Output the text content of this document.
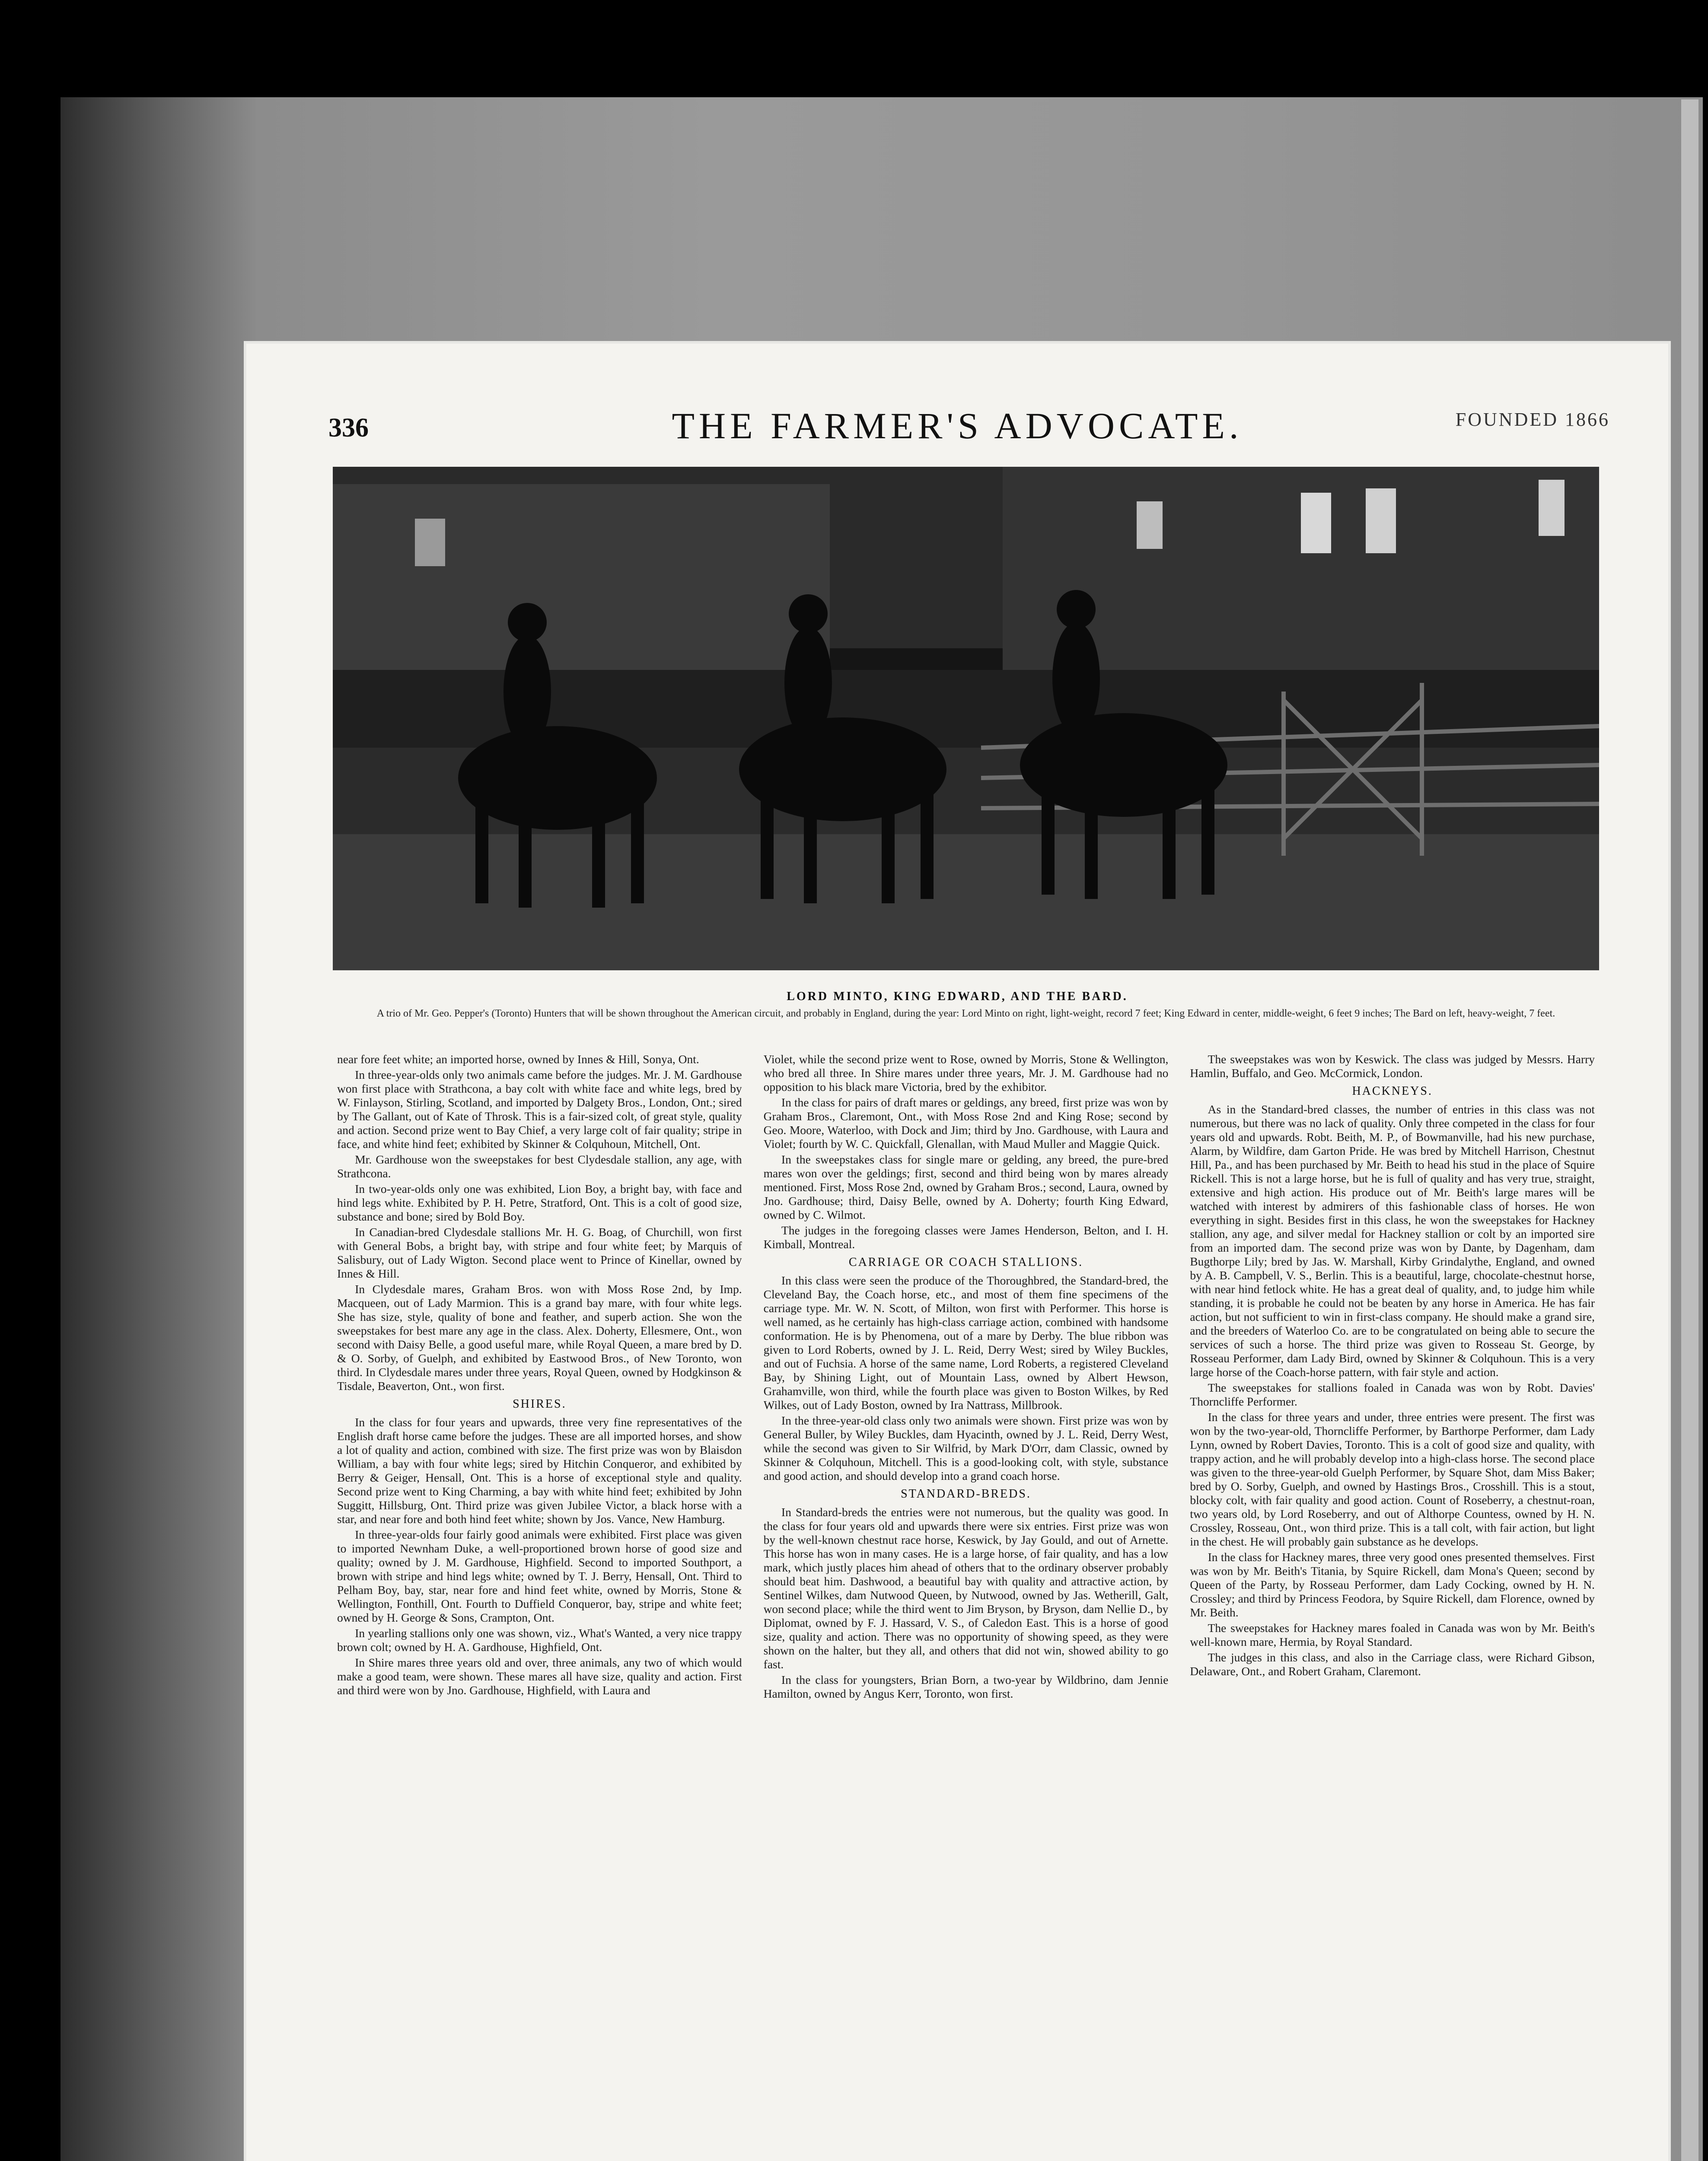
336	THE FARMER'S ADVOCATE.	FOUNDED 1866
LORD MINTO, KING EDWARD, AND THE BARD.
A trio of Mr. Geo. Pepper's (Toronto) Hunters that will be shown throughout the American circuit, and probably in England, during the year: Lord Minto on right, light-weight, record 7 feet; King Edward in center, middle-weight, 6 feet 9 inches; The Bard on left, heavy-weight, 7 feet.

near fore feet white; an imported horse, owned by Innes & Hill, Sonya, Ont.

In three-year-olds only two animals came before the judges. Mr. J. M. Gardhouse won first place with Strathcona, a bay colt with white face and white legs, bred by W. Finlayson, Stirling, Scotland, and imported by Dalgety Bros., London, Ont.; sired by The Gallant, out of Kate of Throsk. This is a fair-sized colt, of great style, quality and action. Second prize went to Bay Chief, a very large colt of fair quality; stripe in face, and white hind feet; exhibited by Skinner & Colquhoun, Mitchell, Ont.

Mr. Gardhouse won the sweepstakes for best Clydesdale stallion, any age, with Strathcona.

In two-year-olds only one was exhibited, Lion Boy, a bright bay, with face and hind legs white. Exhibited by P. H. Petre, Stratford, Ont. This is a colt of good size, substance and bone; sired by Bold Boy.

In Canadian-bred Clydesdale stallions Mr. H. G. Boag, of Churchill, won first with General Bobs, a bright bay, with stripe and four white feet; by Marquis of Salisbury, out of Lady Wigton. Second place went to Prince of Kinellar, owned by Innes & Hill.

In Clydesdale mares, Graham Bros. won with Moss Rose 2nd, by Imp. Macqueen, out of Lady Marmion. This is a grand bay mare, with four white legs. She has size, style, quality of bone and feather, and superb action. She won the sweepstakes for best mare any age in the class. Alex. Doherty, Ellesmere, Ont., won second with Daisy Belle, a good useful mare, while Royal Queen, a mare bred by D. & O. Sorby, of Guelph, and exhibited by Eastwood Bros., of New Toronto, won third. In Clydesdale mares under three years, Royal Queen, owned by Hodgkinson & Tisdale, Beaverton, Ont., won first.

SHIRES.

In the class for four years and upwards, three very fine representatives of the English draft horse came before the judges. These are all imported horses, and show a lot of quality and action, combined with size. The first prize was won by Blaisdon William, a bay with four white legs; sired by Hitchin Conqueror, and exhibited by Berry & Geiger, Hensall, Ont. This is a horse of exceptional style and quality. Second prize went to King Charming, a bay with white hind feet; exhibited by John Suggitt, Hillsburg, Ont. Third prize was given Jubilee Victor, a black horse with a star, and near fore and both hind feet white; shown by Jos. Vance, New Hamburg.

In three-year-olds four fairly good animals were exhibited. First place was given to imported Newnham Duke, a well-proportioned brown horse of good size and quality; owned by J. M. Gardhouse, Highfield. Second to imported Southport, a brown with stripe and hind legs white; owned by T. J. Berry, Hensall, Ont. Third to Pelham Boy, bay, star, near fore and hind feet white, owned by Morris, Stone & Wellington, Fonthill, Ont. Fourth to Duffield Conqueror, bay, stripe and white feet; owned by H. George & Sons, Crampton, Ont.

In yearling stallions only one was shown, viz., What's Wanted, a very nice trappy brown colt; owned by H. A. Gardhouse, Highfield, Ont.

In Shire mares three years old and over, three animals, any two of which would make a good team, were shown. These mares all have size, quality and action. First and third were won by Jno. Gardhouse, Highfield, with Laura and

Violet, while the second prize went to Rose, owned by Morris, Stone & Wellington, who bred all three. In Shire mares under three years, Mr. J. M. Gardhouse had no opposition to his black mare Victoria, bred by the exhibitor.

In the class for pairs of draft mares or geldings, any breed, first prize was won by Graham Bros., Claremont, Ont., with Moss Rose 2nd and King Rose; second by Geo. Moore, Waterloo, with Dock and Jim; third by Jno. Gardhouse, with Laura and Violet; fourth by W. C. Quickfall, Glenallan, with Maud Muller and Maggie Quick.

In the sweepstakes class for single mare or gelding, any breed, the pure-bred mares won over the geldings; first, second and third being won by mares already mentioned. First, Moss Rose 2nd, owned by Graham Bros.; second, Laura, owned by Jno. Gardhouse; third, Daisy Belle, owned by A. Doherty; fourth King Edward, owned by C. Wilmot.

The judges in the foregoing classes were James Henderson, Belton, and I. H. Kimball, Montreal.

CARRIAGE OR COACH STALLIONS.

In this class were seen the produce of the Thoroughbred, the Standard-bred, the Cleveland Bay, the Coach horse, etc., and most of them fine specimens of the carriage type. Mr. W. N. Scott, of Milton, won first with Performer. This horse is well named, as he certainly has high-class carriage action, combined with handsome conformation. He is by Phenomena, out of a mare by Derby. The blue ribbon was given to Lord Roberts, owned by J. L. Reid, Derry West; sired by Wiley Buckles, and out of Fuchsia. A horse of the same name, Lord Roberts, a registered Cleveland Bay, by Shining Light, out of Mountain Lass, owned by Albert Hewson, Grahamville, won third, while the fourth place was given to Boston Wilkes, by Red Wilkes, out of Lady Boston, owned by Ira Nattrass, Millbrook.

In the three-year-old class only two animals were shown. First prize was won by General Buller, by Wiley Buckles, dam Hyacinth, owned by J. L. Reid, Derry West, while the second was given to Sir Wilfrid, by Mark D'Orr, dam Classic, owned by Skinner & Colquhoun, Mitchell. This is a good-looking colt, with style, substance and good action, and should develop into a grand coach horse.

STANDARD-BREDS.

In Standard-breds the entries were not numerous, but the quality was good. In the class for four years old and upwards there were six entries. First prize was won by the well-known chestnut race horse, Keswick, by Jay Gould, and out of Arnette. This horse has won in many cases. He is a large horse, of fair quality, and has a low mark, which justly places him ahead of others that to the ordinary observer probably should beat him. Dashwood, a beautiful bay with quality and attractive action, by Sentinel Wilkes, dam Nutwood Queen, by Nutwood, owned by Jas. Wetherill, Galt, won second place; while the third went to Jim Bryson, by Bryson, dam Nellie D., by Diplomat, owned by F. J. Hassard, V. S., of Caledon East. This is a horse of good size, quality and action. There was no opportunity of showing speed, as they were shown on the halter, but they all, and others that did not win, showed ability to go fast.

In the class for youngsters, Brian Born, a two-year by Wildbrino, dam Jennie Hamilton, owned by Angus Kerr, Toronto, won first.

The sweepstakes was won by Keswick. The class was judged by Messrs. Harry Hamlin, Buffalo, and Geo. McCormick, London.

HACKNEYS.

As in the Standard-bred classes, the number of entries in this class was not numerous, but there was no lack of quality. Only three competed in the class for four years old and upwards. Robt. Beith, M. P., of Bowmanville, had his new purchase, Alarm, by Wildfire, dam Garton Pride. He was bred by Mitchell Harrison, Chestnut Hill, Pa., and has been purchased by Mr. Beith to head his stud in the place of Squire Rickell. This is not a large horse, but he is full of quality and has very true, straight, extensive and high action. His produce out of Mr. Beith's large mares will be watched with interest by admirers of this fashionable class of horses. He won everything in sight. Besides first in this class, he won the sweepstakes for Hackney stallion, any age, and silver medal for Hackney stallion or colt by an imported sire from an imported dam. The second prize was won by Dante, by Dagenham, dam Bugthorpe Lily; bred by Jas. W. Marshall, Kirby Grindalythe, England, and owned by A. B. Campbell, V. S., Berlin. This is a beautiful, large, chocolate-chestnut horse, with near hind fetlock white. He has a great deal of quality, and, to judge him while standing, it is probable he could not be beaten by any horse in America. He has fair action, but not sufficient to win in first-class company. He should make a grand sire, and the breeders of Waterloo Co. are to be congratulated on being able to secure the services of such a horse. The third prize was given to Rosseau St. George, by Rosseau Performer, dam Lady Bird, owned by Skinner & Colquhoun. This is a very large horse of the Coach-horse pattern, with fair style and action.

The sweepstakes for stallions foaled in Canada was won by Robt. Davies' Thorncliffe Performer.

In the class for three years and under, three entries were present. The first was won by the two-year-old, Thorncliffe Performer, by Barthorpe Performer, dam Lady Lynn, owned by Robert Davies, Toronto. This is a colt of good size and quality, with trappy action, and he will probably develop into a high-class horse. The second place was given to the three-year-old Guelph Performer, by Square Shot, dam Miss Baker; bred by O. Sorby, Guelph, and owned by Hastings Bros., Crosshill. This is a stout, blocky colt, with fair quality and good action. Count of Roseberry, a chestnut-roan, two years old, by Lord Roseberry, and out of Althorpe Countess, owned by H. N. Crossley, Rosseau, Ont., won third prize. This is a tall colt, with fair action, but light in the chest. He will probably gain substance as he develops.

In the class for Hackney mares, three very good ones presented themselves. First was won by Mr. Beith's Titania, by Squire Rickell, dam Mona's Queen; second by Queen of the Party, by Rosseau Performer, dam Lady Cocking, owned by H. N. Crossley; and third by Princess Feodora, by Squire Rickell, dam Florence, owned by Mr. Beith.

The sweepstakes for Hackney mares foaled in Canada was won by Mr. Beith's well-known mare, Hermia, by Royal Standard.

The judges in this class, and also in the Carriage class, were Richard Gibson, Delaware, Ont., and Robert Graham, Claremont.
